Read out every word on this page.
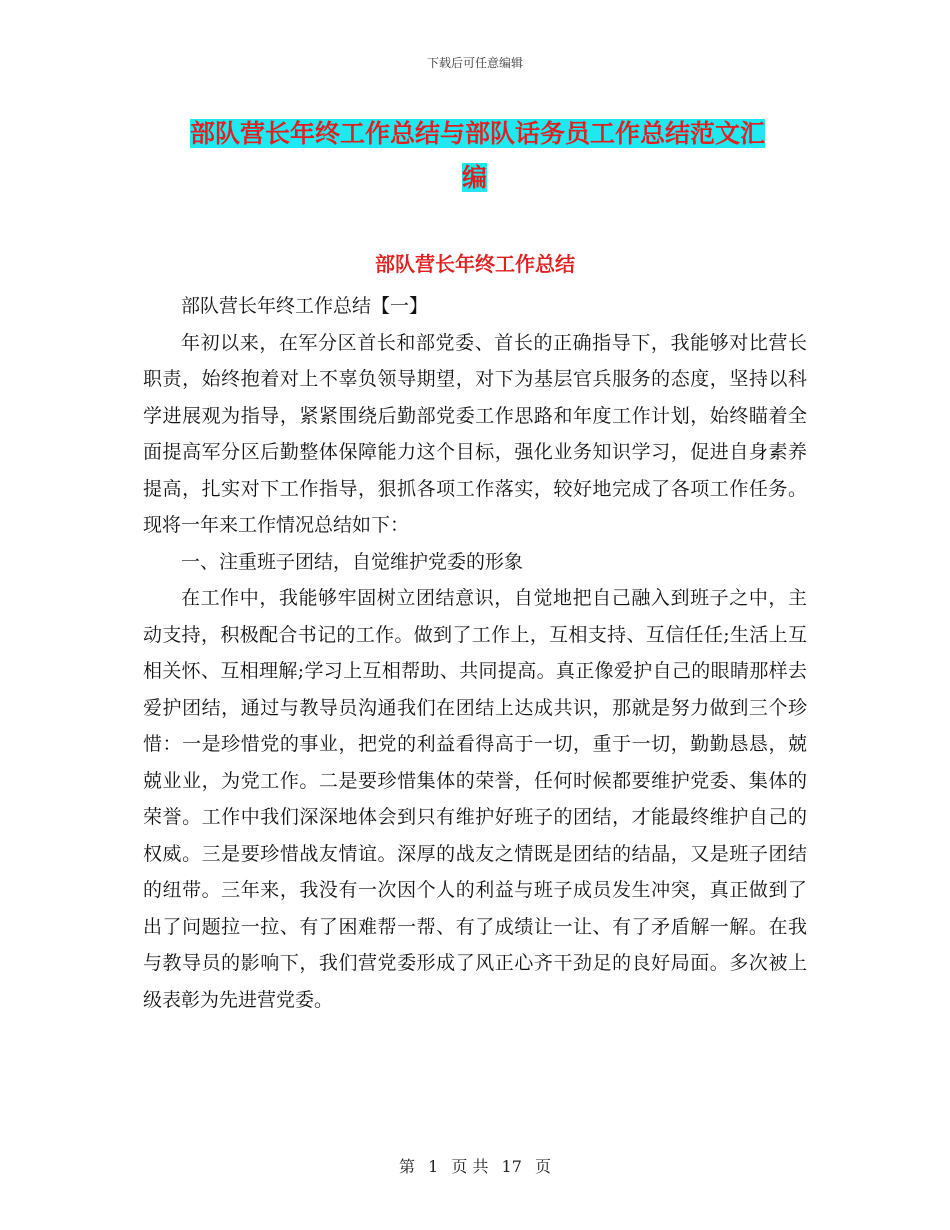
下载后可任意编辑
部队营长年终工作总结与部队话务员工作总结范文汇
编
部队营长年终工作总结

部队营长年终工作总结【一】

年初以来，在军分区首长和部党委、首长的正确指导下，我能够对比营长职责，始终抱着对上不辜负领导期望，对下为基层官兵服务的态度，坚持以科学进展观为指导，紧紧围绕后勤部党委工作思路和年度工作计划，始终瞄着全面提高军分区后勤整体保障能力这个目标，强化业务知识学习，促进自身素养提高，扎实对下工作指导，狠抓各项工作落实，较好地完成了各项工作任务。现将一年来工作情况总结如下：

一、注重班子团结，自觉维护党委的形象

在工作中，我能够牢固树立团结意识，自觉地把自己融入到班子之中，主动支持，积极配合书记的工作。做到了工作上，互相支持、互信任任;生活上互相关怀、互相理解;学习上互相帮助、共同提高。真正像爱护自己的眼睛那样去爱护团结，通过与教导员沟通我们在团结上达成共识，那就是努力做到三个珍惜：一是珍惜党的事业，把党的利益看得高于一切，重于一切，勤勤恳恳，兢兢业业，为党工作。二是要珍惜集体的荣誉，任何时候都要维护党委、集体的荣誉。工作中我们深深地体会到只有维护好班子的团结，才能最终维护自己的权威。三是要珍惜战友情谊。深厚的战友之情既是团结的结晶，又是班子团结的纽带。三年来，我没有一次因个人的利益与班子成员发生冲突，真正做到了出了问题拉一拉、有了困难帮一帮、有了成绩让一让、有了矛盾解一解。在我与教导员的影响下，我们营党委形成了风正心齐干劲足的良好局面。多次被上级表彰为先进营党委。

第 1 页 共 17 页
